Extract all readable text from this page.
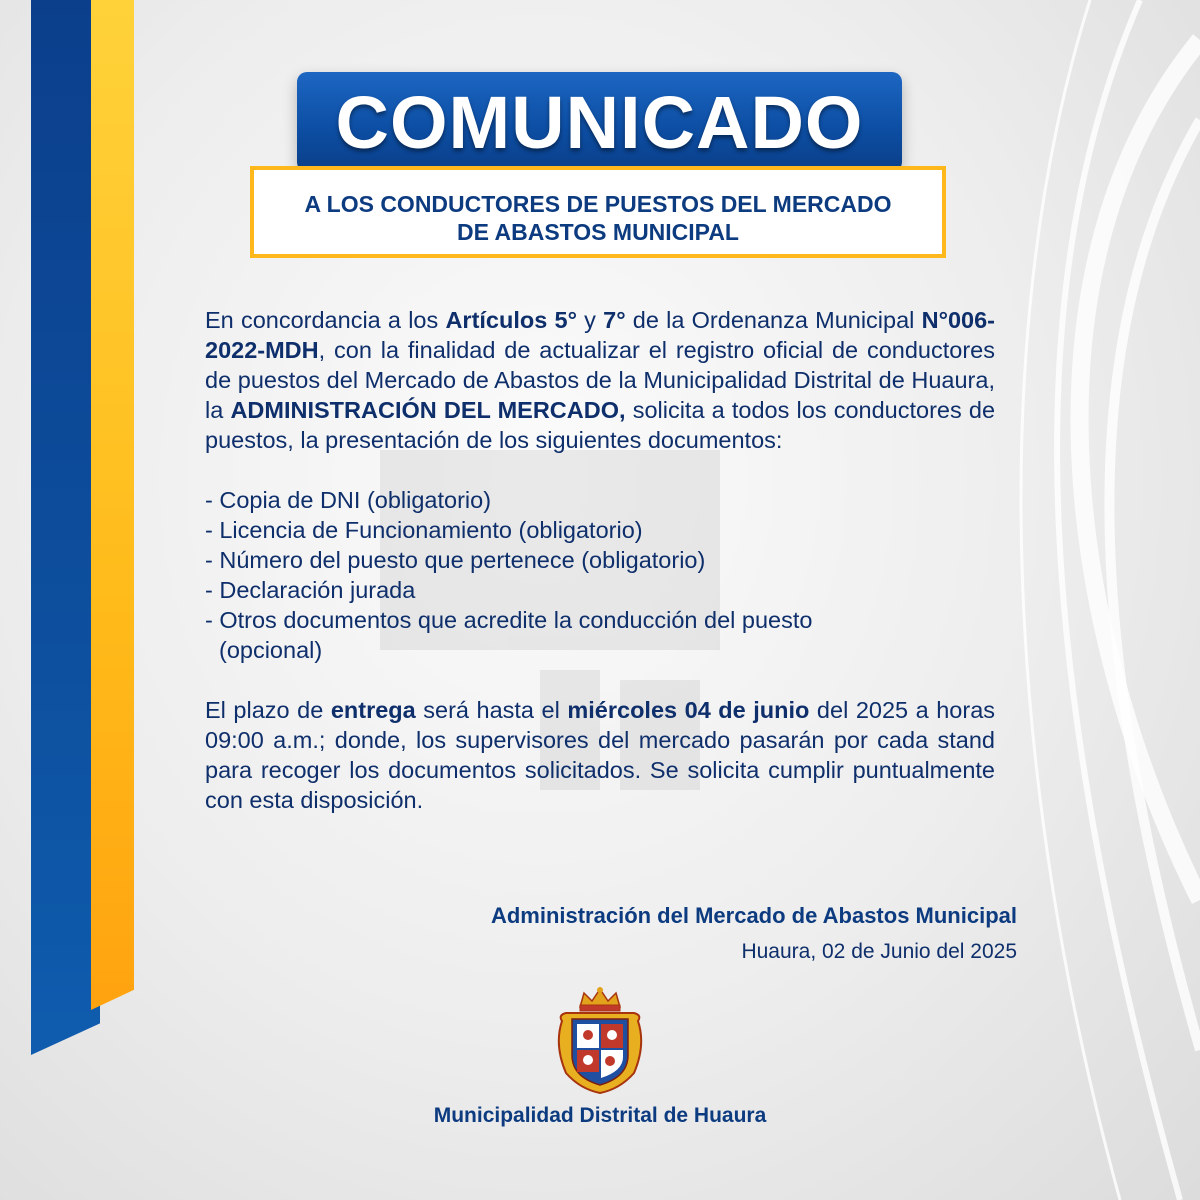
COMUNICADO
A LOS CONDUCTORES DE PUESTOS DEL MERCADO
DE ABASTOS MUNICIPAL

En concordancia a los Artículos 5° y 7° de la Ordenanza Municipal N°006-2022-MDH, con la finalidad de actualizar el registro oficial de conductores de puestos del Mercado de Abastos de la Municipalidad Distrital de Huaura, la ADMINISTRACIÓN DEL MERCADO, solicita a todos los conductores de puestos, la presentación de los siguientes documentos:

- Copia de DNI (obligatorio)
- Licencia de Funcionamiento (obligatorio)
- Número del puesto que pertenece (obligatorio)
- Declaración jurada
- Otros documentos que acredite la conducción del puesto (opcional)

El plazo de entrega será hasta el miércoles 04 de junio del 2025 a horas 09:00 a.m.; donde, los supervisores del mercado pasarán por cada stand para recoger los documentos solicitados. Se solicita cumplir puntualmente con esta disposición.

Administración del Mercado de Abastos Municipal
Huaura, 02 de Junio del 2025
Municipalidad Distrital de Huaura
